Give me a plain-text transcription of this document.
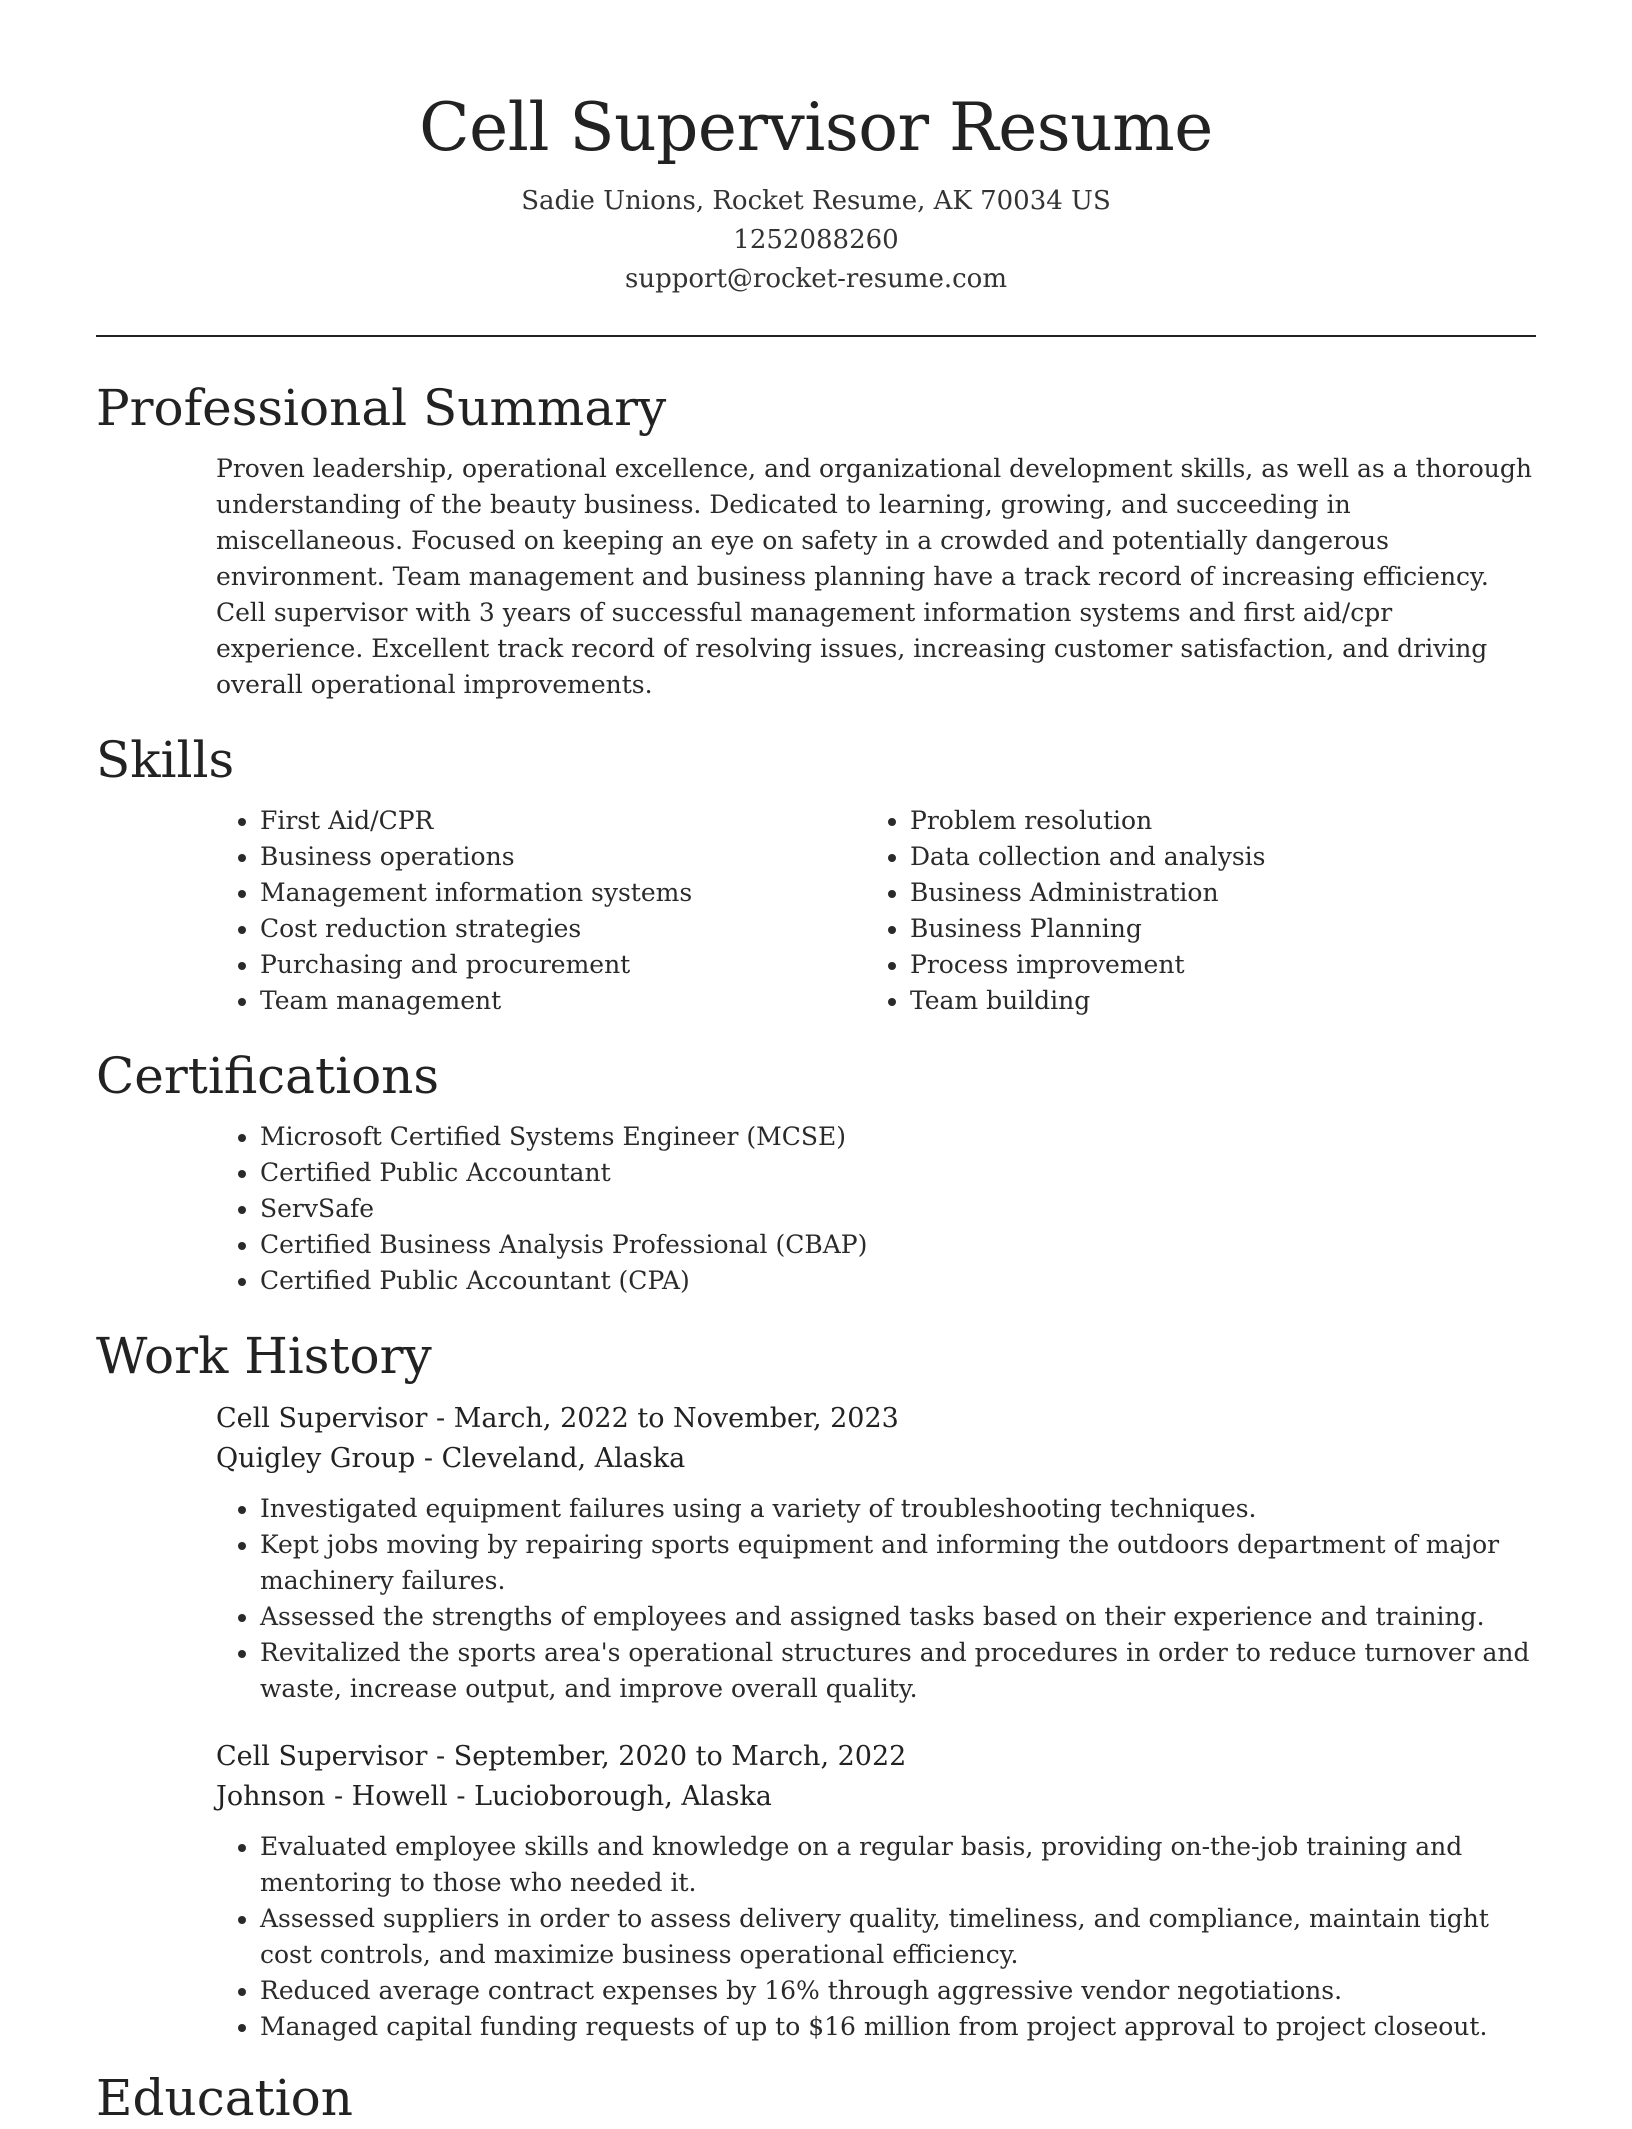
Cell Supervisor Resume
Sadie Unions, Rocket Resume, AK 70034 US
1252088260
support@rocket-resume.com
Professional Summary

Proven leadership, operational excellence, and organizational development skills, as well as a thorough understanding of the beauty business. Dedicated to learning, growing, and succeeding in miscellaneous. Focused on keeping an eye on safety in a crowded and potentially dangerous environment. Team management and business planning have a track record of increasing efficiency. Cell supervisor with 3 years of successful management information systems and first aid/cpr experience. Excellent track record of resolving issues, increasing customer satisfaction, and driving overall operational improvements.

Skills
• First Aid/CPR
• Business operations
• Management information systems
• Cost reduction strategies
• Purchasing and procurement
• Team management
• Problem resolution
• Data collection and analysis
• Business Administration
• Business Planning
• Process improvement
• Team building
Certifications
• Microsoft Certified Systems Engineer (MCSE)
• Certified Public Accountant
• ServSafe
• Certified Business Analysis Professional (CBAP)
• Certified Public Accountant (CPA)
Work History
Cell Supervisor - March, 2022 to November, 2023
Quigley Group - Cleveland, Alaska
• Investigated equipment failures using a variety of troubleshooting techniques.
• Kept jobs moving by repairing sports equipment and informing the outdoors department of major machinery failures.
• Assessed the strengths of employees and assigned tasks based on their experience and training.
• Revitalized the sports area's operational structures and procedures in order to reduce turnover and waste, increase output, and improve overall quality.
Cell Supervisor - September, 2020 to March, 2022
Johnson - Howell - Lucioborough, Alaska
• Evaluated employee skills and knowledge on a regular basis, providing on-the-job training and mentoring to those who needed it.
• Assessed suppliers in order to assess delivery quality, timeliness, and compliance, maintain tight cost controls, and maximize business operational efficiency.
• Reduced average contract expenses by 16% through aggressive vendor negotiations.
• Managed capital funding requests of up to $16 million from project approval to project closeout.
Education
